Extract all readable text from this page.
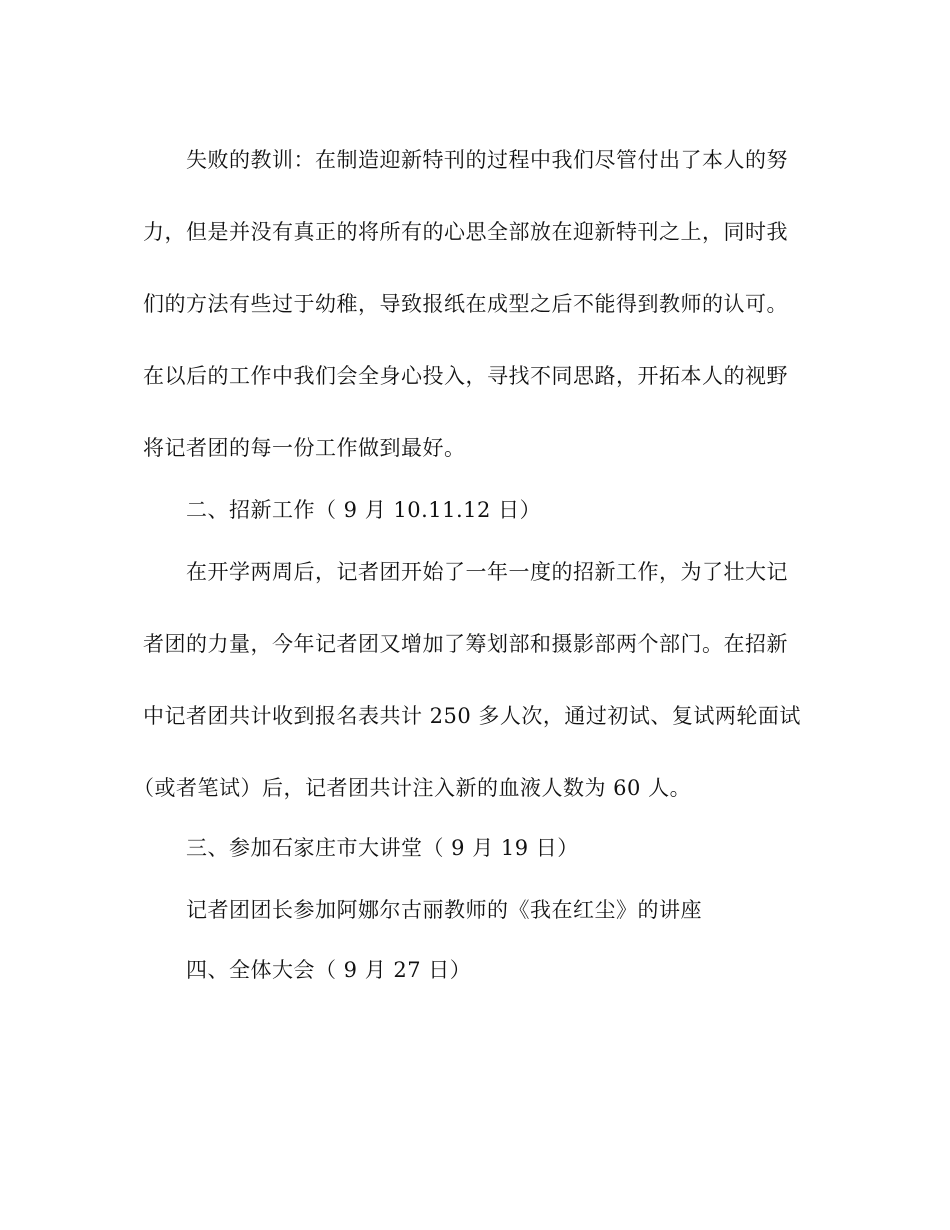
失败的教训：在制造迎新特刊的过程中我们尽管付出了本人的努
力，但是并没有真正的将所有的心思全部放在迎新特刊之上，同时我
们的方法有些过于幼稚，导致报纸在成型之后不能得到教师的认可。
在以后的工作中我们会全身心投入，寻找不同思路，开拓本人的视野
将记者团的每一份工作做到最好。
二、招新工作（ 9 月 10.11.12 日）
在开学两周后，记者团开始了一年一度的招新工作，为了壮大记
者团的力量，今年记者团又增加了筹划部和摄影部两个部门。在招新
中记者团共计收到报名表共计 250 多人次，通过初试、复试两轮面试
（或者笔试）后，记者团共计注入新的血液人数为 60 人。
三、参加石家庄市大讲堂（ 9 月 19 日）
记者团团长参加阿娜尔古丽教师的《我在红尘》的讲座
四、全体大会（ 9 月 27 日）
